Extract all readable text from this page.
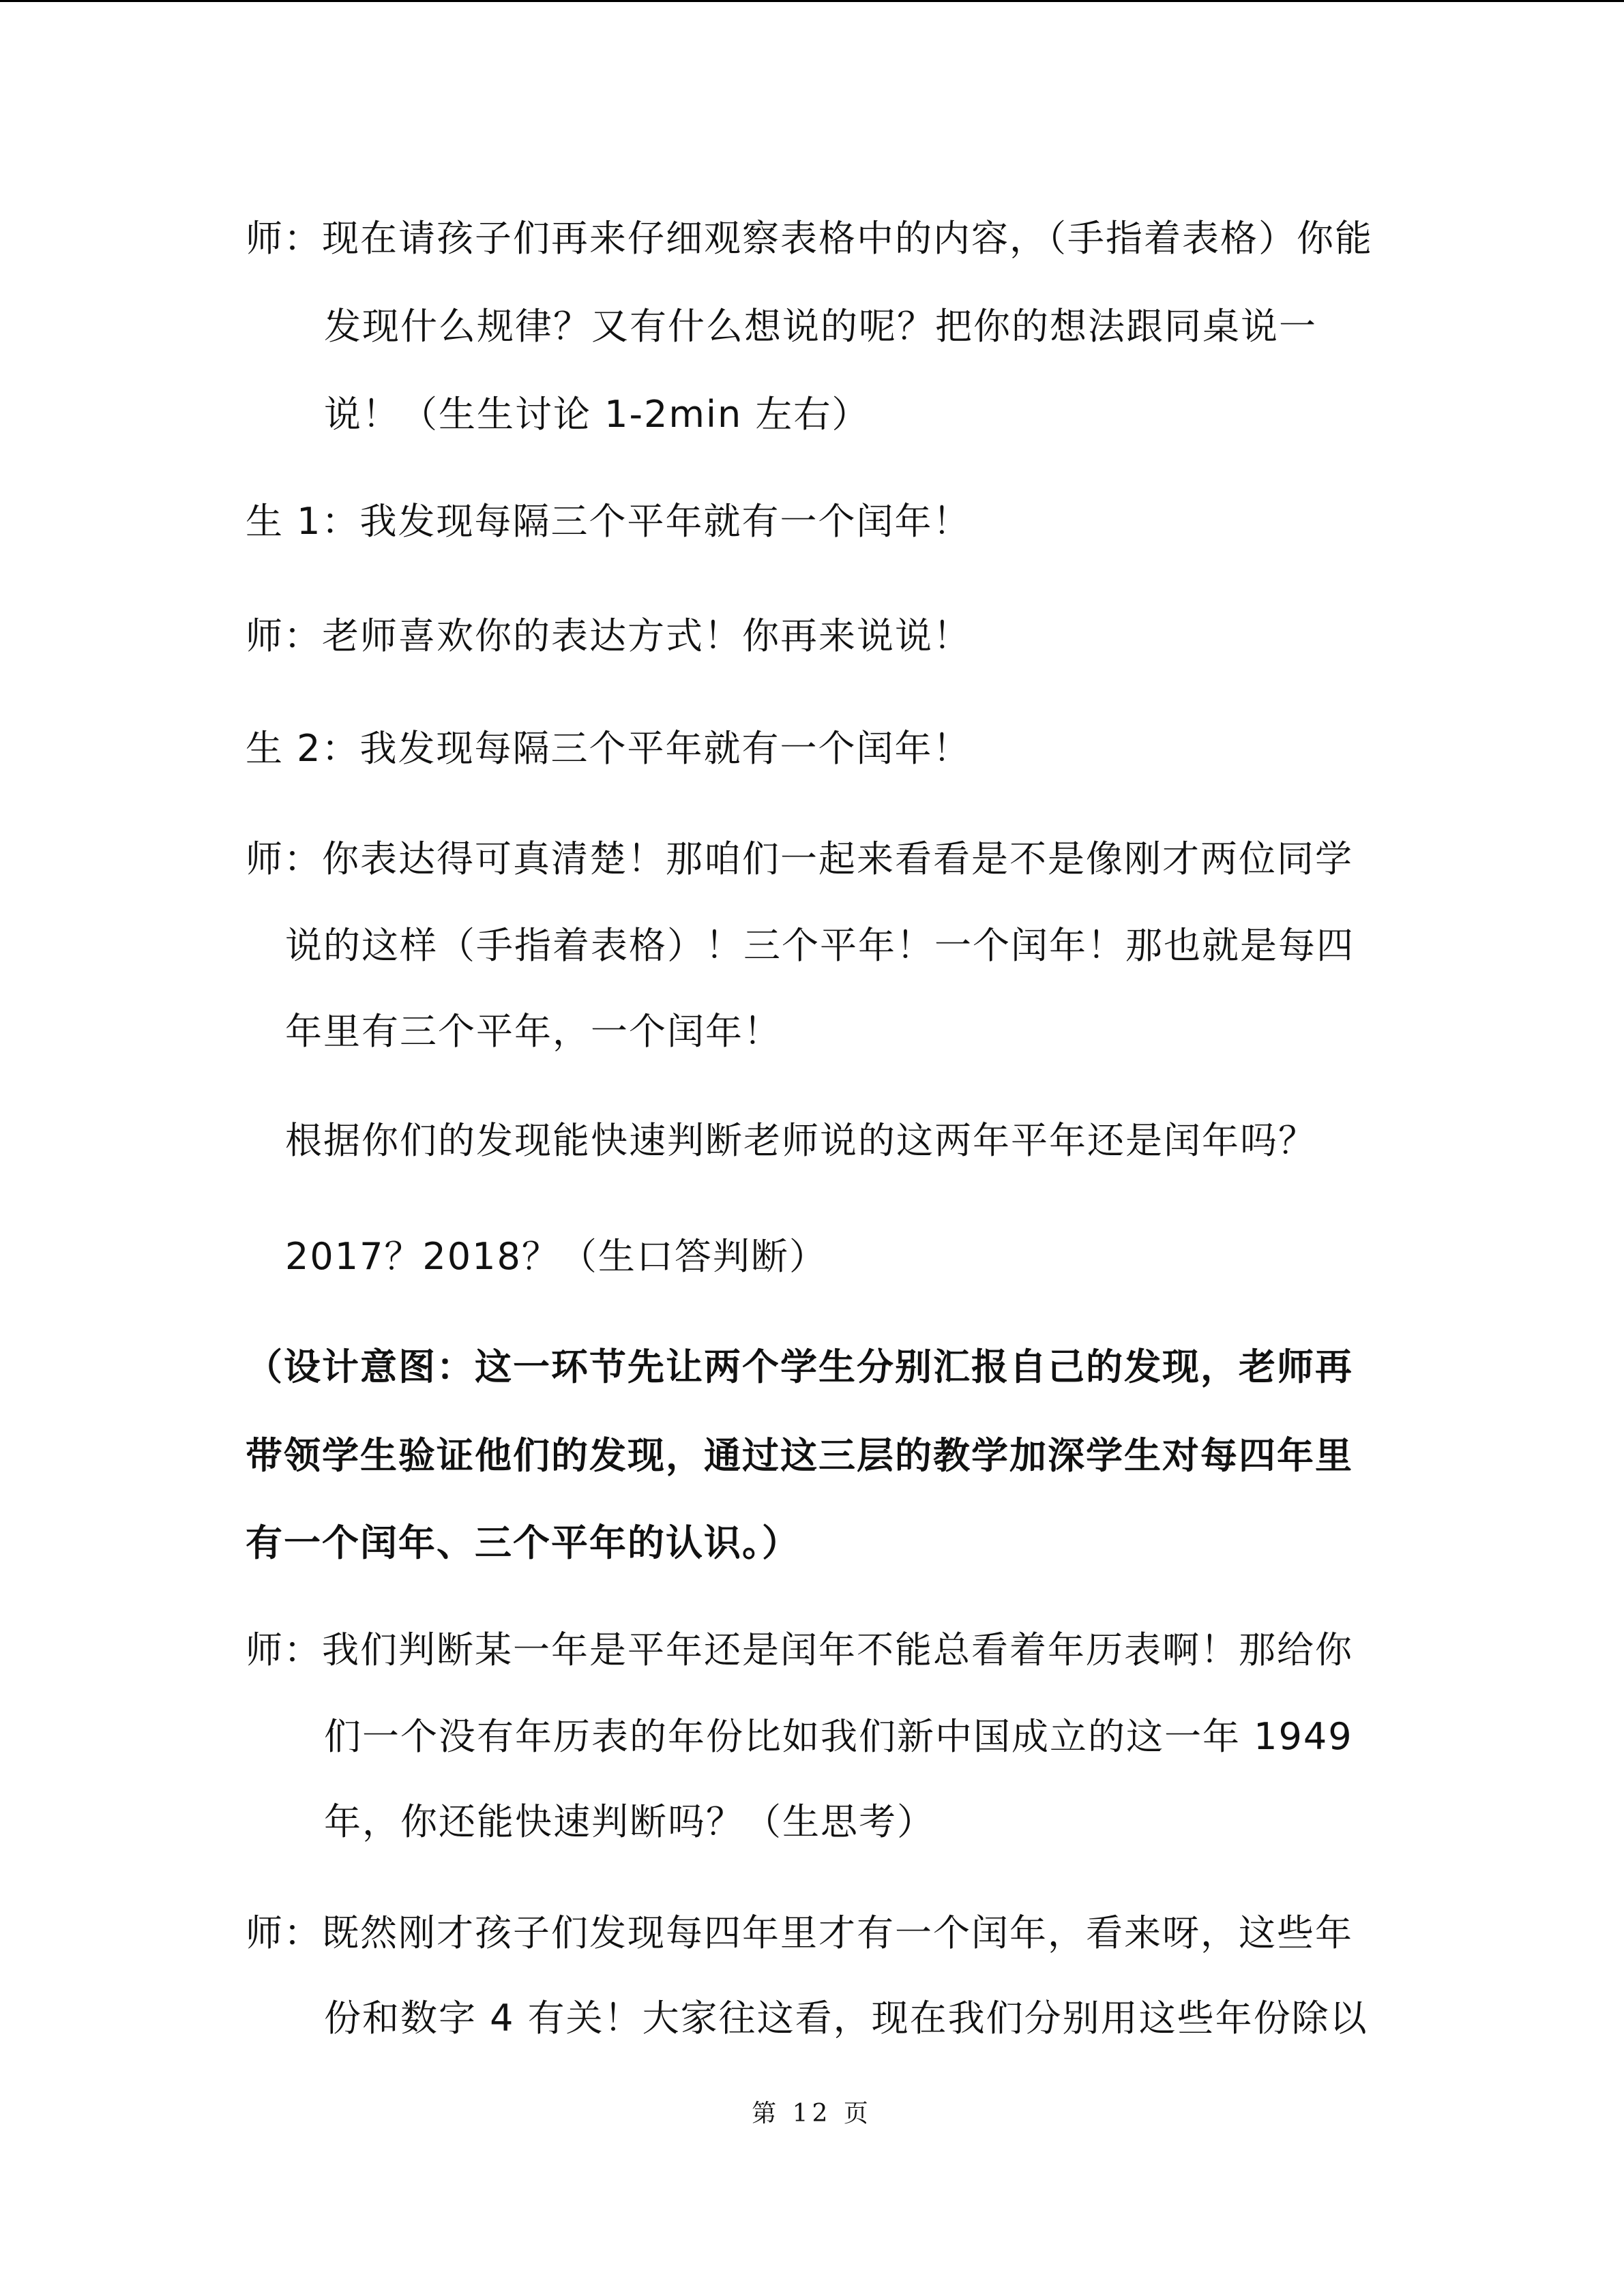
师：现在请孩子们再来仔细观察表格中的内容，（手指着表格）你能
发现什么规律？又有什么想说的呢？把你的想法跟同桌说一
说！（生生讨论 1-2min 左右）
生 1：我发现每隔三个平年就有一个闰年！
师：老师喜欢你的表达方式！你再来说说！
生 2：我发现每隔三个平年就有一个闰年！
师：你表达得可真清楚！那咱们一起来看看是不是像刚才两位同学
说的这样（手指着表格）！三个平年！一个闰年！那也就是每四
年里有三个平年，一个闰年！
根据你们的发现能快速判断老师说的这两年平年还是闰年吗？
2017？2018？（生口答判断）
（设计意图：这一环节先让两个学生分别汇报自己的发现，老师再
带领学生验证他们的发现，通过这三层的教学加深学生对每四年里
有一个闰年、三个平年的认识。）
师：我们判断某一年是平年还是闰年不能总看着年历表啊！那给你
们一个没有年历表的年份比如我们新中国成立的这一年 1949
年，你还能快速判断吗？（生思考）
师：既然刚才孩子们发现每四年里才有一个闰年，看来呀，这些年
份和数字 4 有关！大家往这看，现在我们分别用这些年份除以
第 12 页
